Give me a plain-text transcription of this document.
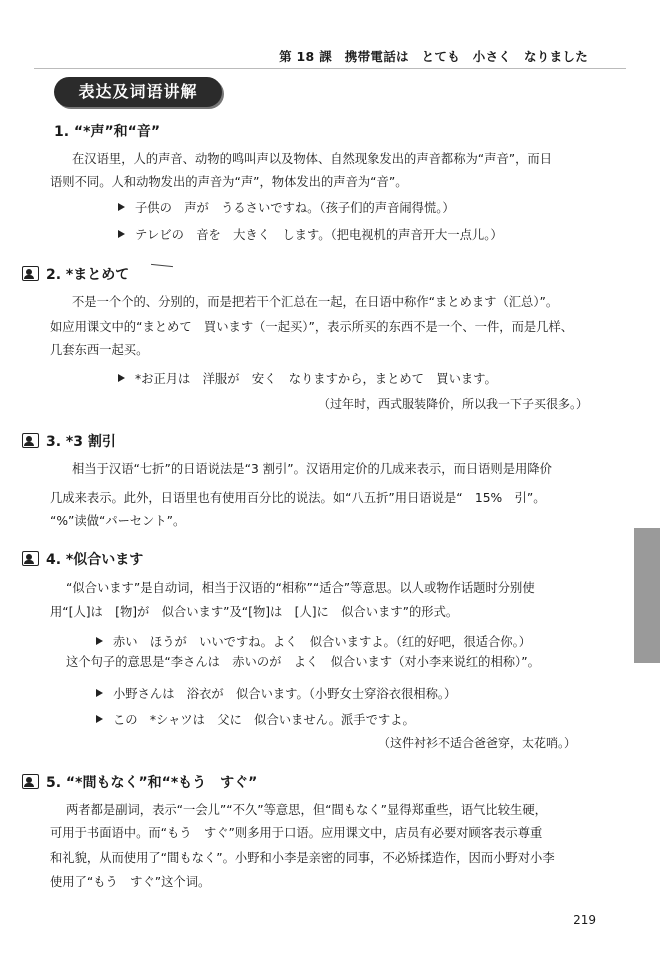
第 18 課　携帯電話は　とても　小さく　なりました
表达及词语讲解
1. “*声”和“音”
在汉语里，人的声音、动物的鸣叫声以及物体、自然现象发出的声音都称为“声音”，而日
语则不同。人和动物发出的声音为“声”，物体发出的声音为“音”。
子供の　声が　うるさいですね。（孩子们的声音闹得慌。）
テレビの　音を　大きく　します。（把电视机的声音开大一点儿。）
2. *まとめて
不是一个个的、分别的，而是把若干个汇总在一起，在日语中称作“まとめます（汇总）”。
如应用课文中的“まとめて　買います（一起买）”，表示所买的东西不是一个、一件，而是几样、
几套东西一起买。
*お正月は　洋服が　安く　なりますから，まとめて　買います。
（过年时，西式服装降价，所以我一下子买很多。）
3. *3 割引
相当于汉语“七折”的日语说法是“3 割引”。汉语用定价的几成来表示，而日语则是用降价
几成来表示。此外，日语里也有使用百分比的说法。如“八五折”用日语说是“　15%　引”。
“%”读做“パーセント”。
4. *似合います
“似合います”是自动词，相当于汉语的“相称”“适合”等意思。以人或物作话题时分别使
用“[人]は　[物]が　似合います”及“[物]は　[人]に　似合います”的形式。
赤い　ほうが　いいですね。よく　似合いますよ。（红的好吧，很适合你。）
这个句子的意思是“李さんは　赤いのが　よく　似合います（对小李来说红的相称）”。
小野さんは　浴衣が　似合います。（小野女士穿浴衣很相称。）
この　*シャツは　父に　似合いません。派手ですよ。
（这件衬衫不适合爸爸穿，太花哨。）
5. “*間もなく”和“*もう　すぐ”
两者都是副词，表示“一会儿”“不久”等意思，但“間もなく”显得郑重些，语气比较生硬，
可用于书面语中。而“もう　すぐ”则多用于口语。应用课文中，店员有必要对顾客表示尊重
和礼貌，从而使用了“間もなく”。小野和小李是亲密的同事，不必矫揉造作，因而小野对小李
使用了“もう　すぐ”这个词。
219
